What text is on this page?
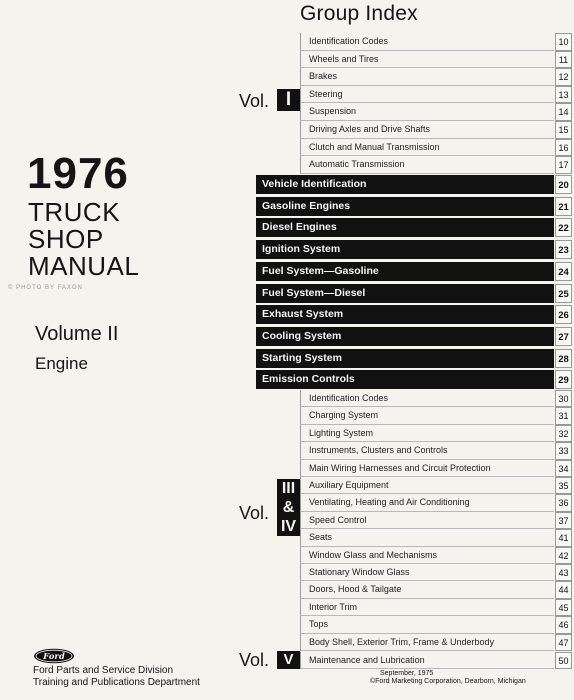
Group Index
1976
TRUCK
SHOP
MANUAL
© PHOTO BY FAXON
Volume II
Engine
Vol. I
Identification Codes	10
Wheels and Tires	11
Brakes	12
Steering	13
Suspension	14
Driving Axles and Drive Shafts	15
Clutch and Manual Transmission	16
Automatic Transmission	17
Vehicle Identification	20
Gasoline Engines	21
Diesel Engines	22
Ignition System	23
Fuel System—Gasoline	24
Fuel System—Diesel	25
Exhaust System	26
Cooling System	27
Starting System	28
Emission Controls	29
Vol.
III
&
IV
Identification Codes	30
Charging System	31
Lighting System	32
Instruments, Clusters and Controls	33
Main Wiring Harnesses and Circuit Protection	34
Auxiliary Equipment	35
Ventilating, Heating and Air Conditioning	36
Speed Control	37
Seats	41
Window Glass and Mechanisms	42
Stationary Window Glass	43
Doors, Hood & Tailgate	44
Interior Trim	45
Tops	46
Body Shell, Exterior Trim, Frame & Underbody	47
Vol. V	Maintenance and Lubrication	50
Ford
Ford Parts and Service Division
Training and Publications Department
September, 1975
©Ford Marketing Corporation, Dearborn, Michigan
